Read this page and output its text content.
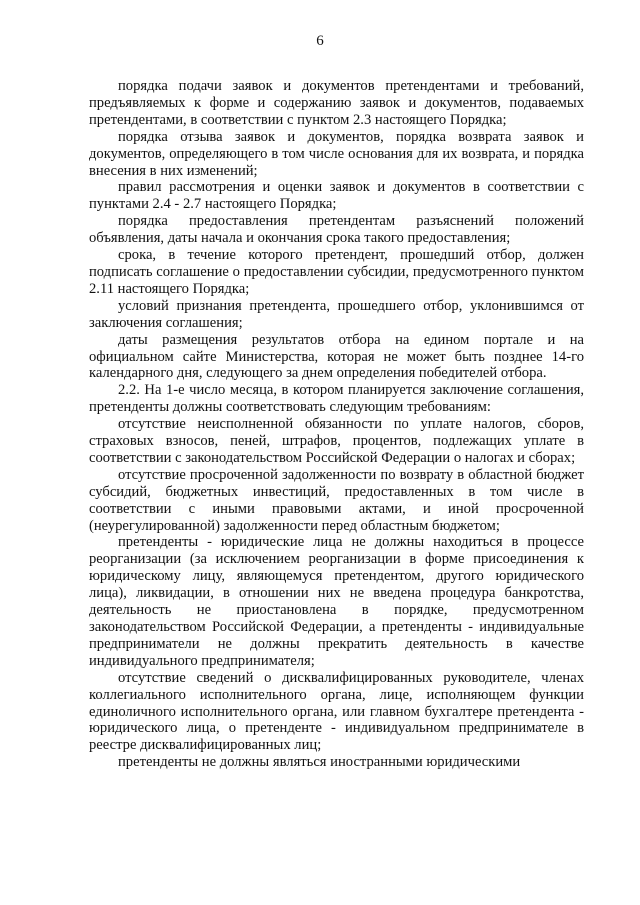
6

порядка подачи заявок и документов претендентами и требований, предъявляемых к форме и содержанию заявок и документов, подаваемых претендентами, в соответствии с пунктом 2.3 настоящего Порядка;

порядка отзыва заявок и документов, порядка возврата заявок и документов, определяющего в том числе основания для их возврата, и порядка внесения в них изменений;

правил рассмотрения и оценки заявок и документов в соответствии с пунктами 2.4 - 2.7 настоящего Порядка;

порядка предоставления претендентам разъяснений положений объявления, даты начала и окончания срока такого предоставления;

срока, в течение которого претендент, прошедший отбор, должен подписать соглашение о предоставлении субсидии, предусмотренного пунктом 2.11 настоящего Порядка;

условий признания претендента, прошедшего отбор, уклонившимся от заключения соглашения;

даты размещения результатов отбора на едином портале и на официальном сайте Министерства, которая не может быть позднее 14-го календарного дня, следующего за днем определения победителей отбора.

2.2. На 1-е число месяца, в котором планируется заключение соглашения, претенденты должны соответствовать следующим требованиям:

отсутствие неисполненной обязанности по уплате налогов, сборов, страховых взносов, пеней, штрафов, процентов, подлежащих уплате в соответствии с законодательством Российской Федерации о налогах и сборах;

отсутствие просроченной задолженности по возврату в областной бюджет субсидий, бюджетных инвестиций, предоставленных в том числе в соответствии с иными правовыми актами, и иной просроченной (неурегулированной) задолженности перед областным бюджетом;

претенденты - юридические лица не должны находиться в процессе реорганизации (за исключением реорганизации в форме присоединения к юридическому лицу, являющемуся претендентом, другого юридического лица), ликвидации, в отношении них не введена процедура банкротства, деятельность не приостановлена в порядке, предусмотренном законодательством Российской Федерации, а претенденты - индивидуальные предприниматели не должны прекратить деятельность в качестве индивидуального предпринимателя;

отсутствие сведений о дисквалифицированных руководителе, членах коллегиального исполнительного органа, лице, исполняющем функции единоличного исполнительного органа, или главном бухгалтере претендента - юридического лица, о претенденте - индивидуальном предпринимателе в реестре дисквалифицированных лиц;

претенденты не должны являться иностранными юридическими
